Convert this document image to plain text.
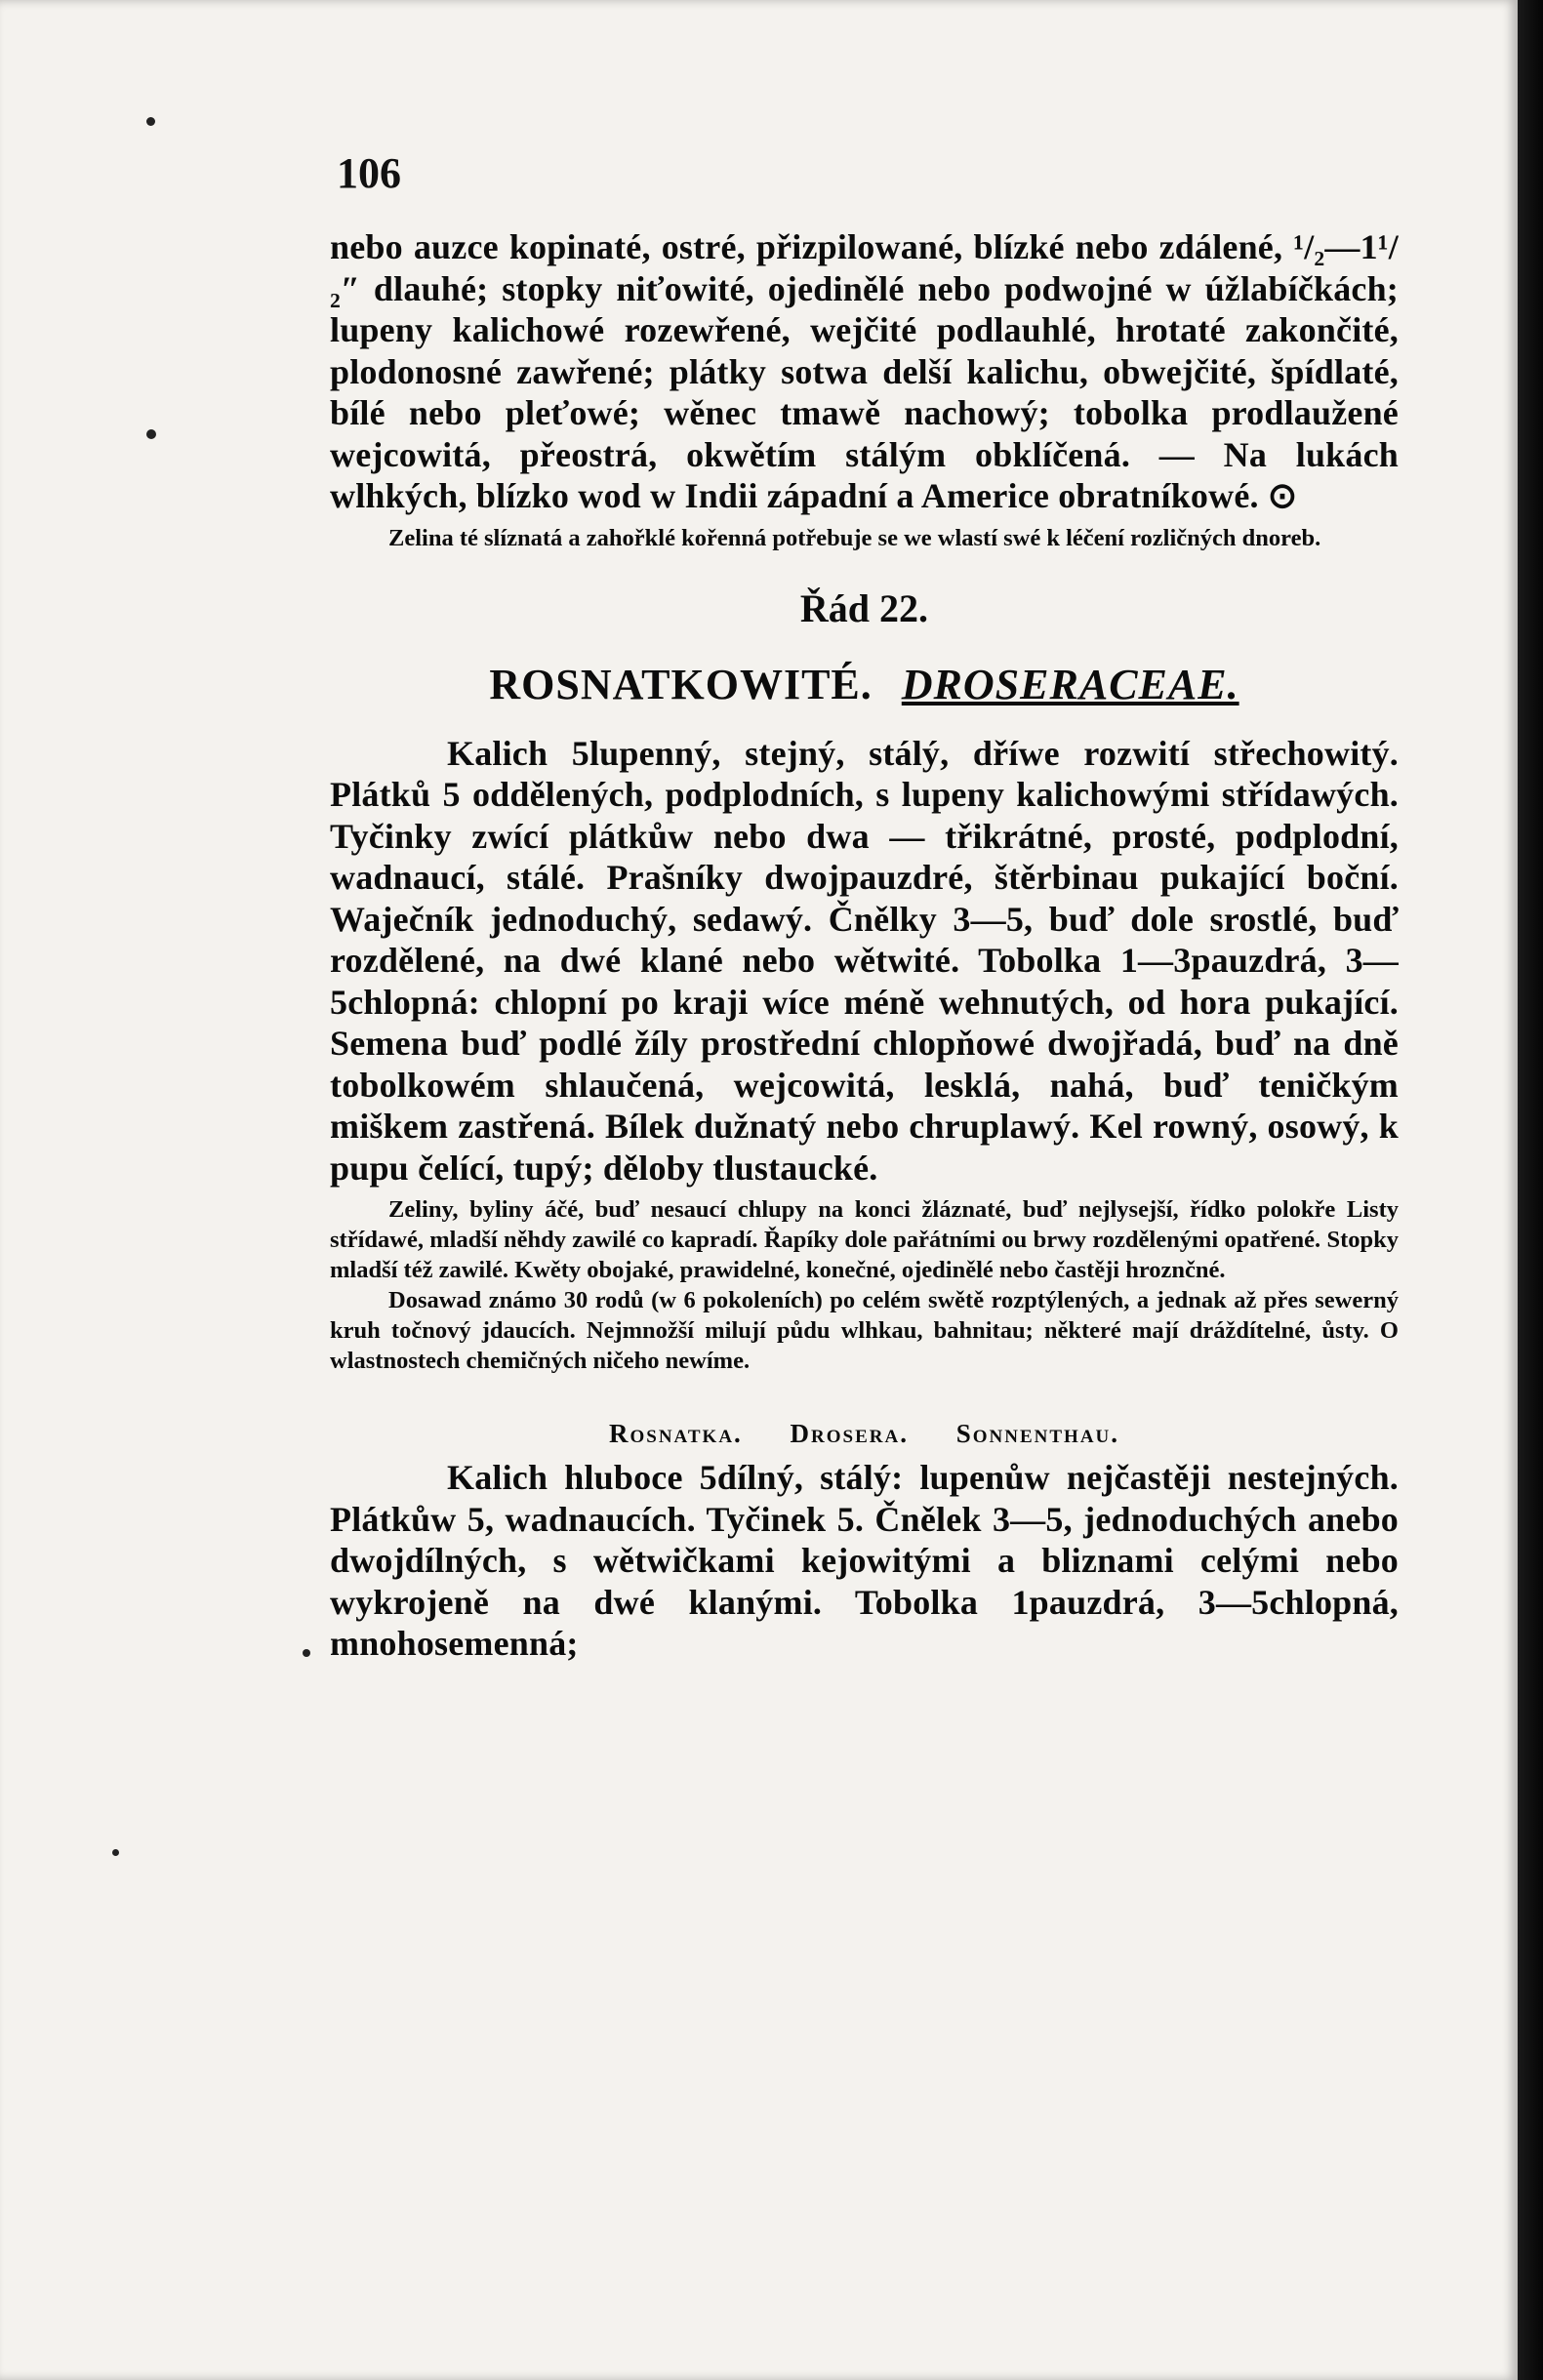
106

nebo auzce kopinaté, ostré, přizpilowané, blízké nebo zdálené, ¹/₂—1¹/₂″ dlauhé; stopky niťowité, ojedinělé nebo podwojné w úžlabíčkách; lupeny kalichowé rozewřené, wejčité podlauhlé, hrotaté zakončité, plodonosné zawřené; plátky sotwa delší kalichu, obwejčité, špídlaté, bílé nebo pleťowé; wěnec tmawě nachowý; tobolka prodlaužené wejcowitá, přeostrá, okwětím stálým obklíčená. — Na lukách wlhkých, blízko wod w Indii západní a Americe obratníkowé. ⊙

Zelina té slíznatá a zahořklé kořenná potřebuje se we wlastí swé k léčení rozličných dnoreb.

Řád 22.
ROSNATKOWITÉ. DROSERACEAE.

Kalich 5lupenný, stejný, stálý, dříwe rozwití střechowitý. Plátků 5 oddělených, podplodních, s lupeny kalichowými střídawých. Tyčinky zwící plátkůw nebo dwa — třikrátné, prosté, podplodní, wadnaucí, stálé. Prašníky dwojpauzdré, štěrbinau pukající boční. Waječník jednoduchý, sedawý. Čnělky 3—5, buď dole srostlé, buď rozdělené, na dwé klané nebo wětwité. Tobolka 1—3pauzdrá, 3—5chlopná: chlopní po kraji wíce méně wehnutých, od hora pukající. Semena buď podlé žíly prostřední chlopňowé dwojřadá, buď na dně tobolkowém shlaučená, wejcowitá, lesklá, nahá, buď teničkým miškem zastřená. Bílek dužnatý nebo chruplawý. Kel rowný, osowý, k pupu čelící, tupý; děloby tlustaucké.

Zeliny, byliny áčé, buď nesaucí chlupy na konci žláznaté, buď nejlysejší, řídko polokře Listy střídawé, mladší něhdy zawilé co kapradí. Řapíky dole pařátními ou brwy rozdělenými opatřené. Stopky mladší též zawilé. Kwěty obojaké, prawidelné, konečné, ojedinělé nebo častěji hroznčné.

Dosawad známo 30 rodů (w 6 pokoleních) po celém swětě rozptýlených, a jednak až přes sewerný kruh točnový jdaucích. Nejmnožší milují půdu wlhkau, bahnitau; některé mají dráždítelné, ůsty. O wlastnostech chemičných ničeho newíme.

Rosnatka. Drosera. Sonnenthau.

Kalich hluboce 5dílný, stálý: lupenůw nejčastěji nestejných. Plátkůw 5, wadnaucích. Tyčinek 5. Čnělek 3—5, jednoduchých anebo dwojdílných, s wětwičkami kejowitými a bliznami celými nebo wykrojeně na dwé klanými. Tobolka 1pauzdrá, 3—5chlopná, mnohosemenná;
